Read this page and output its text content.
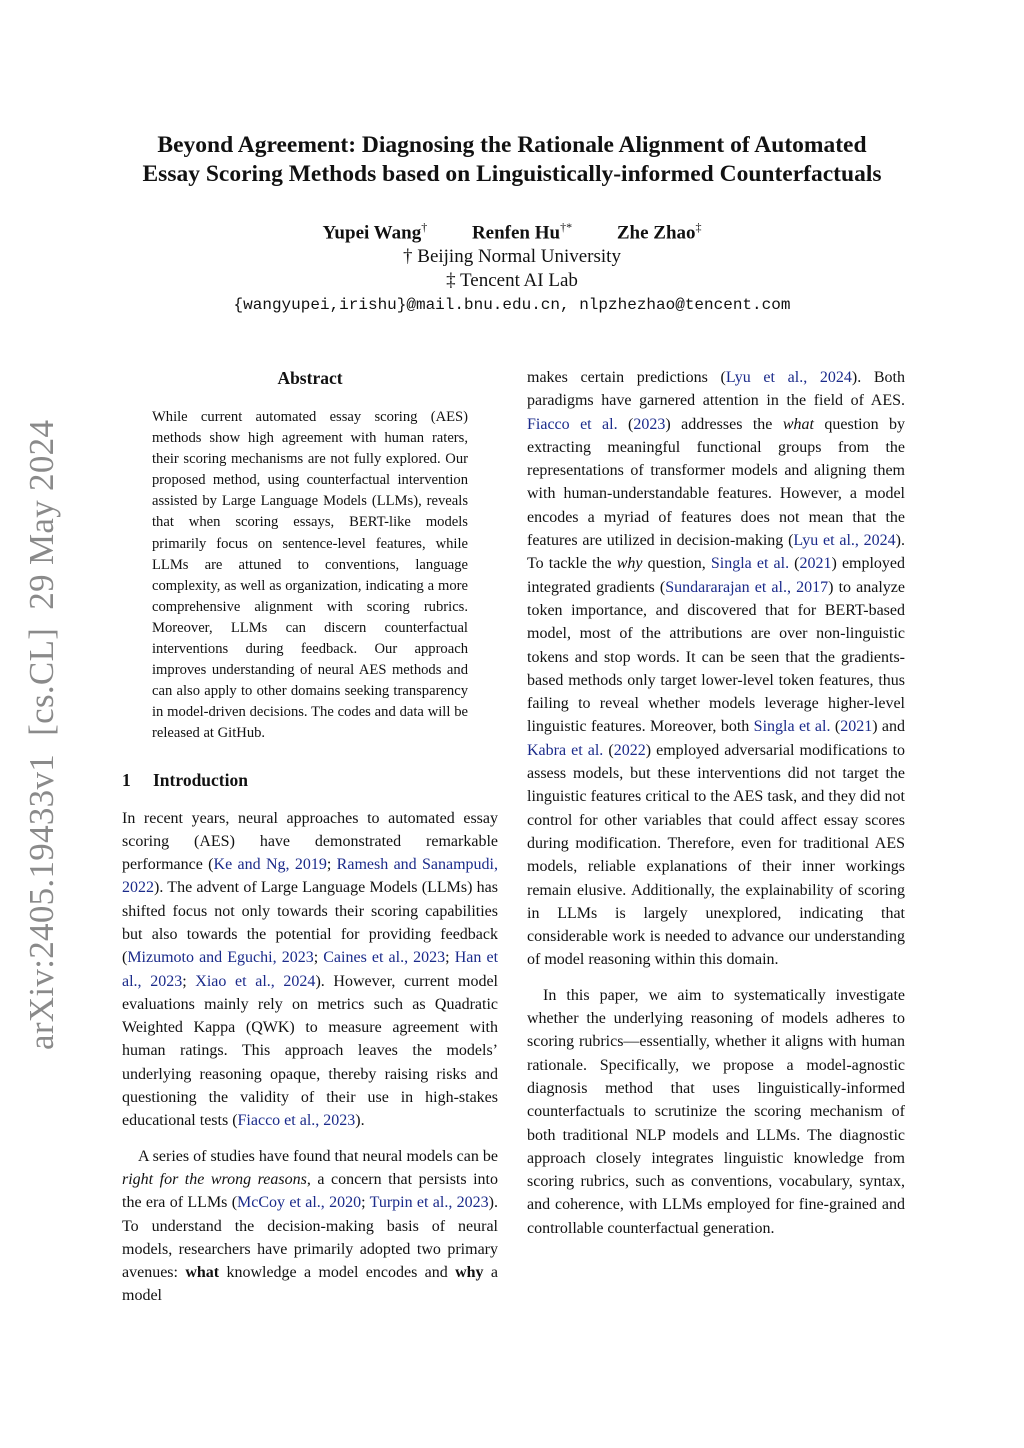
arXiv:2405.19433v1  [cs.CL]  29 May 2024
Beyond Agreement: Diagnosing the Rationale Alignment of Automated
Essay Scoring Methods based on Linguistically-informed Counterfactuals
Yupei Wang† Renfen Hu†* Zhe Zhao‡
† Beijing Normal University
‡ Tencent AI Lab
{wangyupei,irishu}@mail.bnu.edu.cn, nlpzhezhao@tencent.com
Abstract

While current automated essay scoring (AES) methods show high agreement with human raters, their scoring mechanisms are not fully explored. Our proposed method, using counterfactual intervention assisted by Large Language Models (LLMs), reveals that when scoring essays, BERT-like models primarily focus on sentence-level features, while LLMs are attuned to conventions, language complexity, as well as organization, indicating a more comprehensive alignment with scoring rubrics. Moreover, LLMs can discern counterfactual interventions during feedback. Our approach improves understanding of neural AES methods and can also apply to other domains seeking transparency in model-driven decisions. The codes and data will be released at GitHub.

1 Introduction

In recent years, neural approaches to automated essay scoring (AES) have demonstrated remarkable performance (Ke and Ng, 2019; Ramesh and Sanampudi, 2022). The advent of Large Language Models (LLMs) has shifted focus not only towards their scoring capabilities but also towards the potential for providing feedback (Mizumoto and Eguchi, 2023; Caines et al., 2023; Han et al., 2023; Xiao et al., 2024). However, current model evaluations mainly rely on metrics such as Quadratic Weighted Kappa (QWK) to measure agreement with human ratings. This approach leaves the models’ underlying reasoning opaque, thereby raising risks and questioning the validity of their use in high-stakes educational tests (Fiacco et al., 2023).

A series of studies have found that neural models can be right for the wrong reasons, a concern that persists into the era of LLMs (McCoy et al., 2020; Turpin et al., 2023). To understand the decision-making basis of neural models, researchers have primarily adopted two primary avenues: what knowledge a model encodes and why a model

makes certain predictions (Lyu et al., 2024). Both paradigms have garnered attention in the field of AES. Fiacco et al. (2023) addresses the what question by extracting meaningful functional groups from the representations of transformer models and aligning them with human-understandable features. However, a model encodes a myriad of features does not mean that the features are utilized in decision-making (Lyu et al., 2024). To tackle the why question, Singla et al. (2021) employed integrated gradients (Sundararajan et al., 2017) to analyze token importance, and discovered that for BERT-based model, most of the attributions are over non-linguistic tokens and stop words. It can be seen that the gradients-based methods only target lower-level token features, thus failing to reveal whether models leverage higher-level linguistic features. Moreover, both Singla et al. (2021) and Kabra et al. (2022) employed adversarial modifications to assess models, but these interventions did not target the linguistic features critical to the AES task, and they did not control for other variables that could affect essay scores during modification. Therefore, even for traditional AES models, reliable explanations of their inner workings remain elusive. Additionally, the explainability of scoring in LLMs is largely unexplored, indicating that considerable work is needed to advance our understanding of model reasoning within this domain.

In this paper, we aim to systematically investigate whether the underlying reasoning of models adheres to scoring rubrics—essentially, whether it aligns with human rationale. Specifically, we propose a model-agnostic diagnosis method that uses linguistically-informed counterfactuals to scrutinize the scoring mechanism of both traditional NLP models and LLMs. The diagnostic approach closely integrates linguistic knowledge from scoring rubrics, such as conventions, vocabulary, syntax, and coherence, with LLMs employed for fine-grained and controllable counterfactual generation.
